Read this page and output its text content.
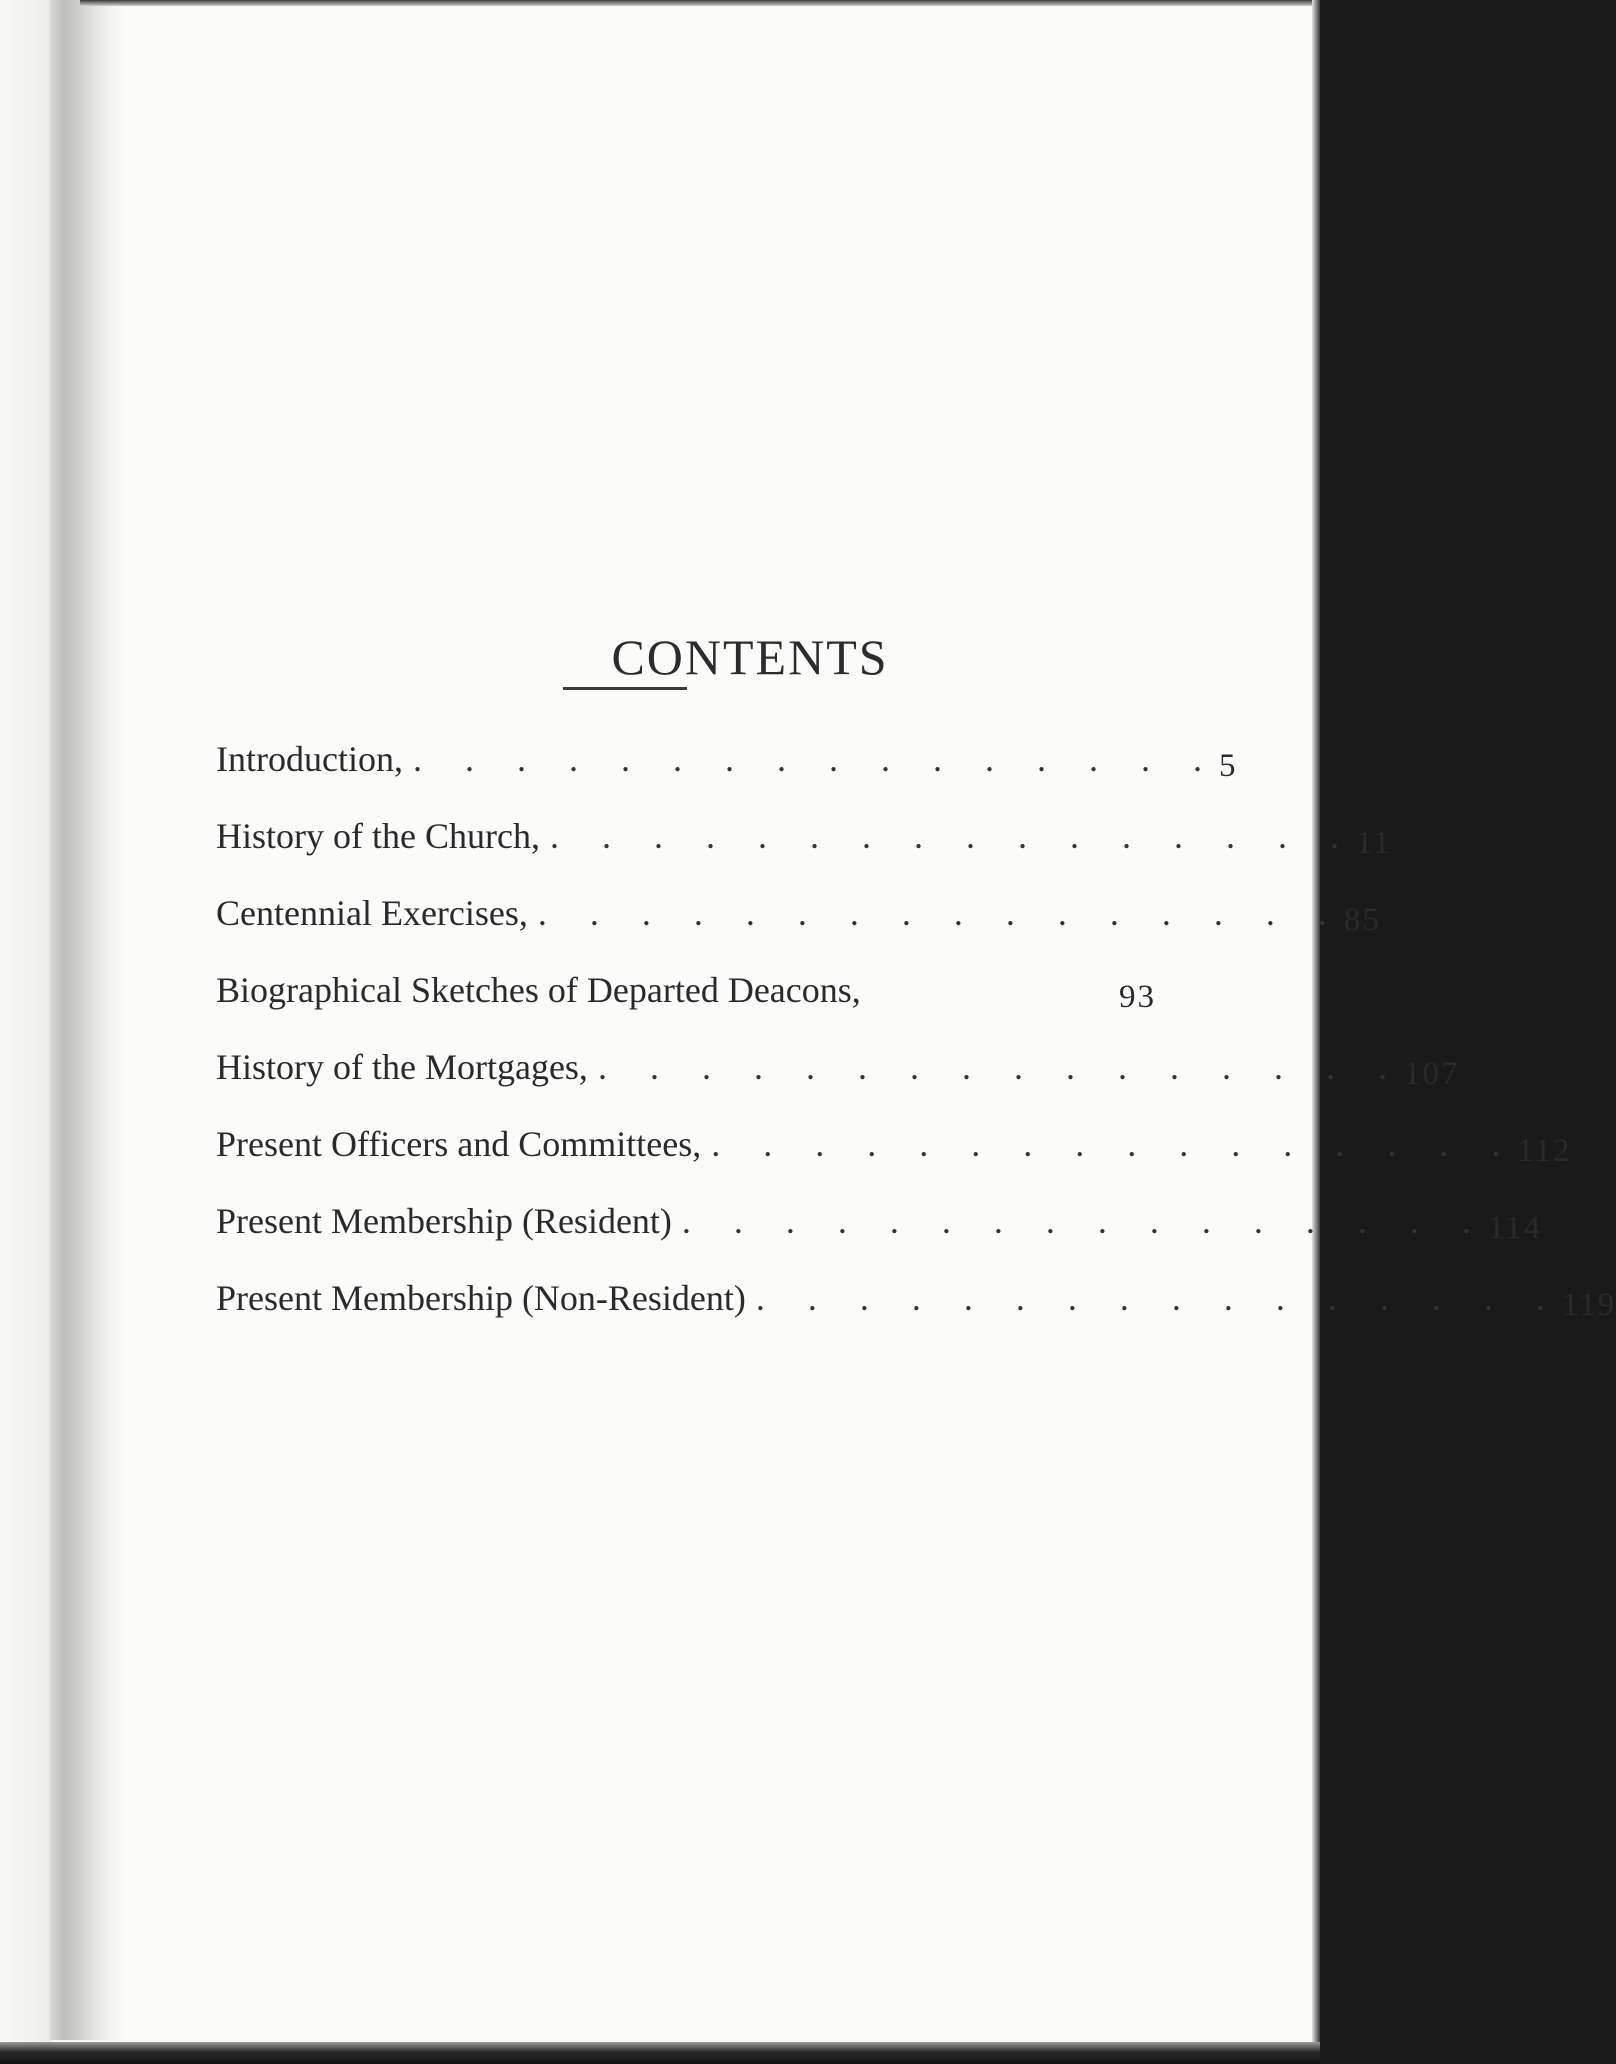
CONTENTS
Introduction, . . . . . . . . . . . . . . . . 5
History of the Church, . . . . . . . . . . . . . . . . 11
Centennial Exercises, . . . . . . . . . . . . . . . . 85
Biographical Sketches of Departed Deacons,	93
History of the Mortgages, . . . . . . . . . . . . . . . . 107
Present Officers and Committees, . . . . . . . . . . . . . . . . 112
Present Membership (Resident) . . . . . . . . . . . . . . . . 114
Present Membership (Non-Resident) . . . . . . . . . . . . . . . . 119
